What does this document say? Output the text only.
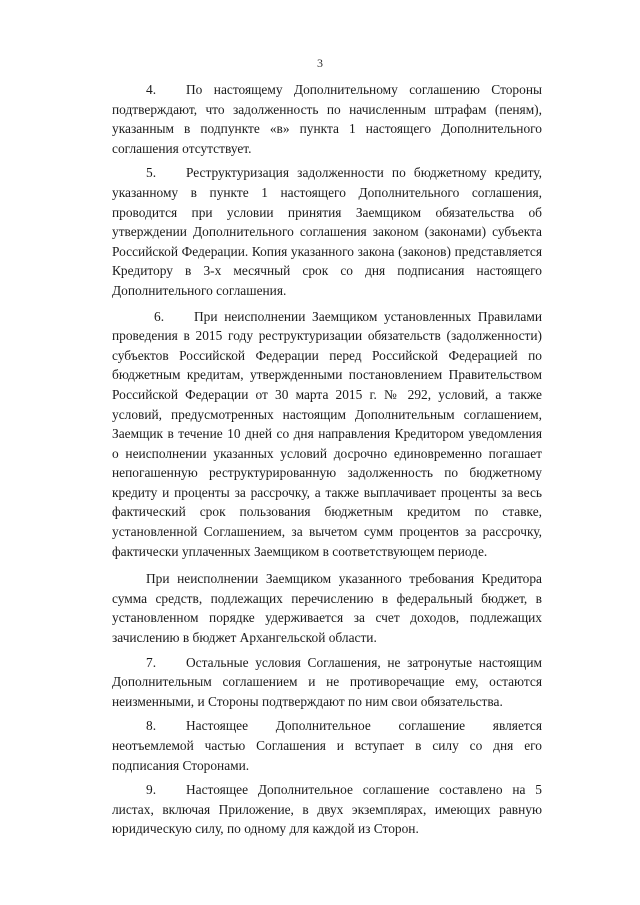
3

4. По настоящему Дополнительному соглашению Стороны подтверждают, что задолженность по начисленным штрафам (пеням), указанным в подпункте «в» пункта 1 настоящего Дополнительного соглашения отсутствует.

5. Реструктуризация задолженности по бюджетному кредиту, указанному в пункте 1 настоящего Дополнительного соглашения, проводится при условии принятия Заемщиком обязательства об утверждении Дополнительного соглашения законом (законами) субъекта Российской Федерации. Копия указанного закона (законов) представляется Кредитору в 3-х месячный срок со дня подписания настоящего Дополнительного соглашения.

6. При неисполнении Заемщиком установленных Правилами проведения в 2015 году реструктуризации обязательств (задолженности) субъектов Российской Федерации перед Российской Федерацией по бюджетным кредитам, утвержденными постановлением Правительством Российской Федерации от 30 марта 2015 г. № 292, условий, а также условий, предусмотренных настоящим Дополнительным соглашением, Заемщик в течение 10 дней со дня направления Кредитором уведомления о неисполнении указанных условий досрочно единовременно погашает непогашенную реструктурированную задолженность по бюджетному кредиту и проценты за рассрочку, а также выплачивает проценты за весь фактический срок пользования бюджетным кредитом по ставке, установленной Соглашением, за вычетом сумм процентов за рассрочку, фактически уплаченных Заемщиком в соответствующем периоде.

При неисполнении Заемщиком указанного требования Кредитора сумма средств, подлежащих перечислению в федеральный бюджет, в установленном порядке удерживается за счет доходов, подлежащих зачислению в бюджет Архангельской области.

7. Остальные условия Соглашения, не затронутые настоящим Дополнительным соглашением и не противоречащие ему, остаются неизменными, и Стороны подтверждают по ним свои обязательства.

8. Настоящее Дополнительное соглашение является неотъемлемой частью Соглашения и вступает в силу со дня его подписания Сторонами.

9. Настоящее Дополнительное соглашение составлено на 5 листах, включая Приложение, в двух экземплярах, имеющих равную юридическую силу, по одному для каждой из Сторон.
